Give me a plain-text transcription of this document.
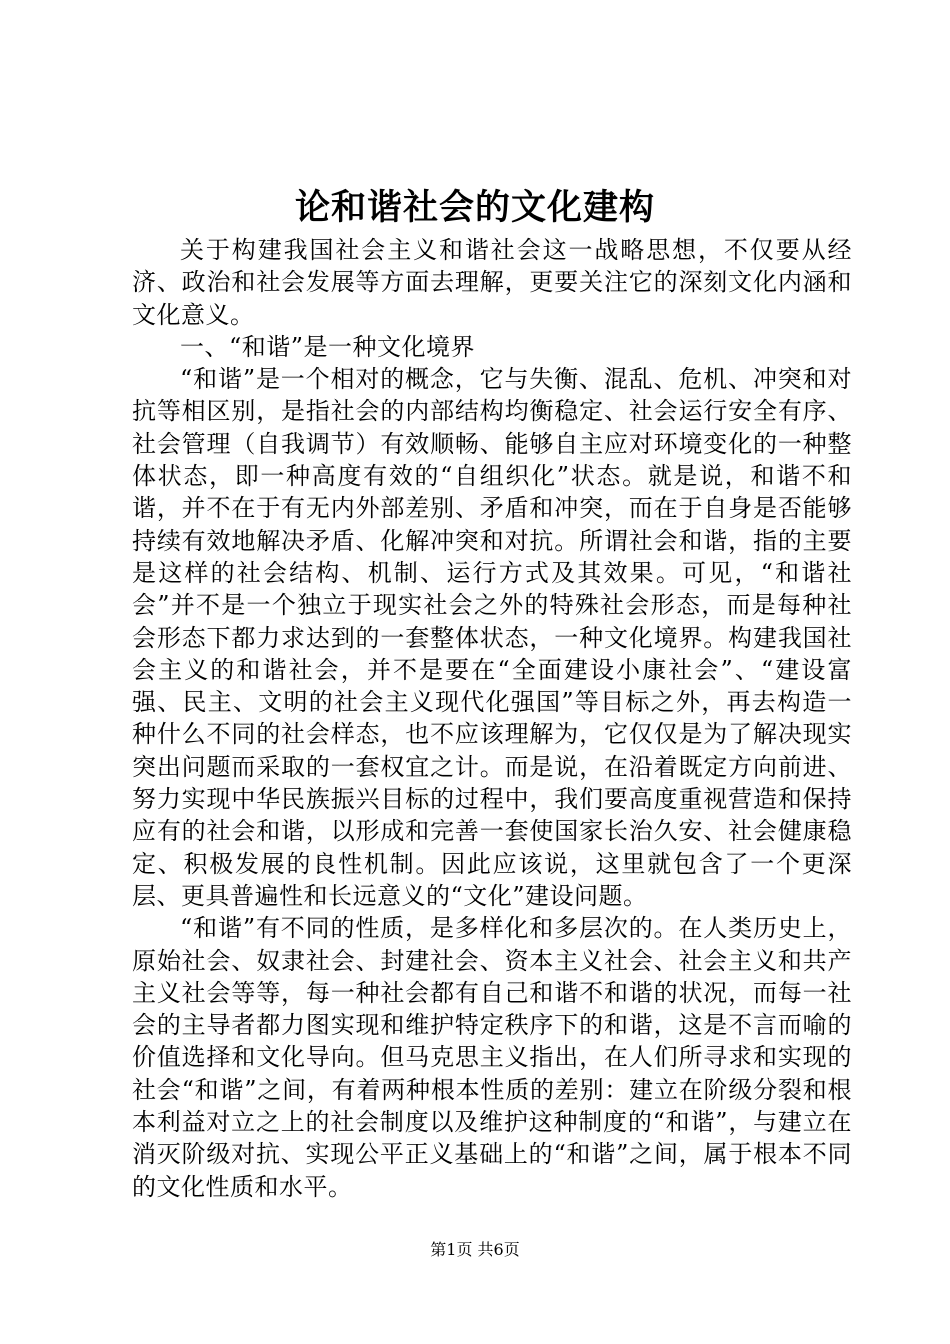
论和谐社会的文化建构

关于构建我国社会主义和谐社会这一战略思想，不仅要从经济、政治和社会发展等方面去理解，更要关注它的深刻文化内涵和文化意义。

一、“和谐”是一种文化境界

“和谐”是一个相对的概念，它与失衡、混乱、危机、冲突和对抗等相区别，是指社会的内部结构均衡稳定、社会运行安全有序、社会管理（自我调节）有效顺畅、能够自主应对环境变化的一种整体状态，即一种高度有效的“自组织化”状态。就是说，和谐不和谐，并不在于有无内外部差别、矛盾和冲突，而在于自身是否能够持续有效地解决矛盾、化解冲突和对抗。所谓社会和谐，指的主要是这样的社会结构、机制、运行方式及其效果。可见，“和谐社会”并不是一个独立于现实社会之外的特殊社会形态，而是每种社会形态下都力求达到的一套整体状态，一种文化境界。构建我国社会主义的和谐社会，并不是要在“全面建设小康社会”、“建设富强、民主、文明的社会主义现代化强国”等目标之外，再去构造一种什么不同的社会样态，也不应该理解为，它仅仅是为了解决现实突出问题而采取的一套权宜之计。而是说，在沿着既定方向前进、努力实现中华民族振兴目标的过程中，我们要高度重视营造和保持应有的社会和谐，以形成和完善一套使国家长治久安、社会健康稳定、积极发展的良性机制。因此应该说，这里就包含了一个更深层、更具普遍性和长远意义的“文化”建设问题。

“和谐”有不同的性质，是多样化和多层次的。在人类历史上，原始社会、奴隶社会、封建社会、资本主义社会、社会主义和共产主义社会等等，每一种社会都有自己和谐不和谐的状况，而每一社会的主导者都力图实现和维护特定秩序下的和谐，这是不言而喻的价值选择和文化导向。但马克思主义指出，在人们所寻求和实现的社会“和谐”之间，有着两种根本性质的差别：建立在阶级分裂和根本利益对立之上的社会制度以及维护这种制度的“和谐”，与建立在消灭阶级对抗、实现公平正义基础上的“和谐”之间，属于根本不同的文化性质和水平。

第1页 共6页
